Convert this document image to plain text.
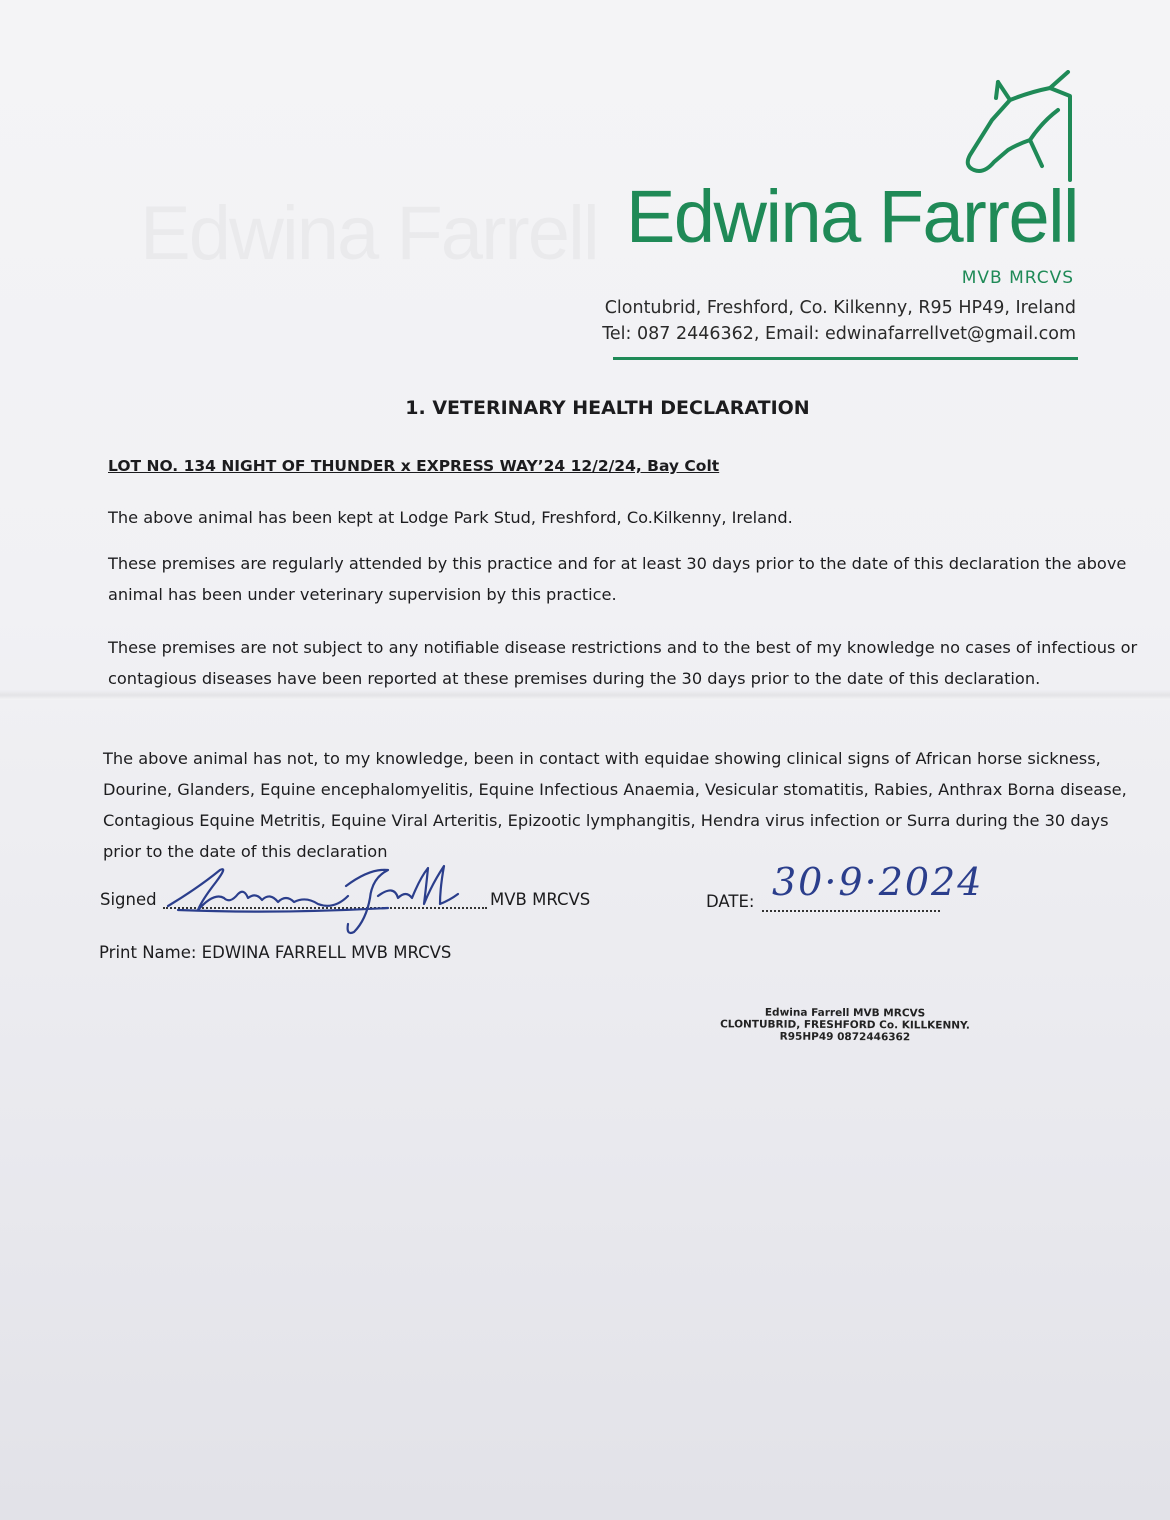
Edwina Farrell
MVB MRCVS
Clontubrid, Freshford, Co. Kilkenny, R95 HP49, Ireland
Tel: 087 2446362, Email: edwinafarrellvet@gmail.com
1. VETERINARY HEALTH DECLARATION
LOT NO. 134 NIGHT OF THUNDER x EXPRESS WAY’24 12/2/24, Bay Colt
The above animal has been kept at Lodge Park Stud, Freshford, Co.Kilkenny, Ireland.
These premises are regularly attended by this practice and for at least 30 days prior to the date of this declaration the above animal has been under veterinary supervision by this practice.
These premises are not subject to any notifiable disease restrictions and to the best of my knowledge no cases of infectious or contagious diseases have been reported at these premises during the 30 days prior to the date of this declaration.
The above animal has not, to my knowledge, been in contact with equidae showing clinical signs of African horse sickness, Dourine, Glanders, Equine encephalomyelitis, Equine Infectious Anaemia, Vesicular stomatitis, Rabies, Anthrax Borna disease, Contagious Equine Metritis, Equine Viral Arteritis, Epizootic lymphangitis, Hendra virus infection or Surra during the 30 days prior to the date of this declaration
Signed	MVB MRCVS	DATE: 30·9·2024
Print Name: EDWINA FARRELL MVB MRCVS
Edwina Farrell MVB MRCVS
CLONTUBRID, FRESHFORD Co. KILLKENNY.
R95HP49 0872446362
